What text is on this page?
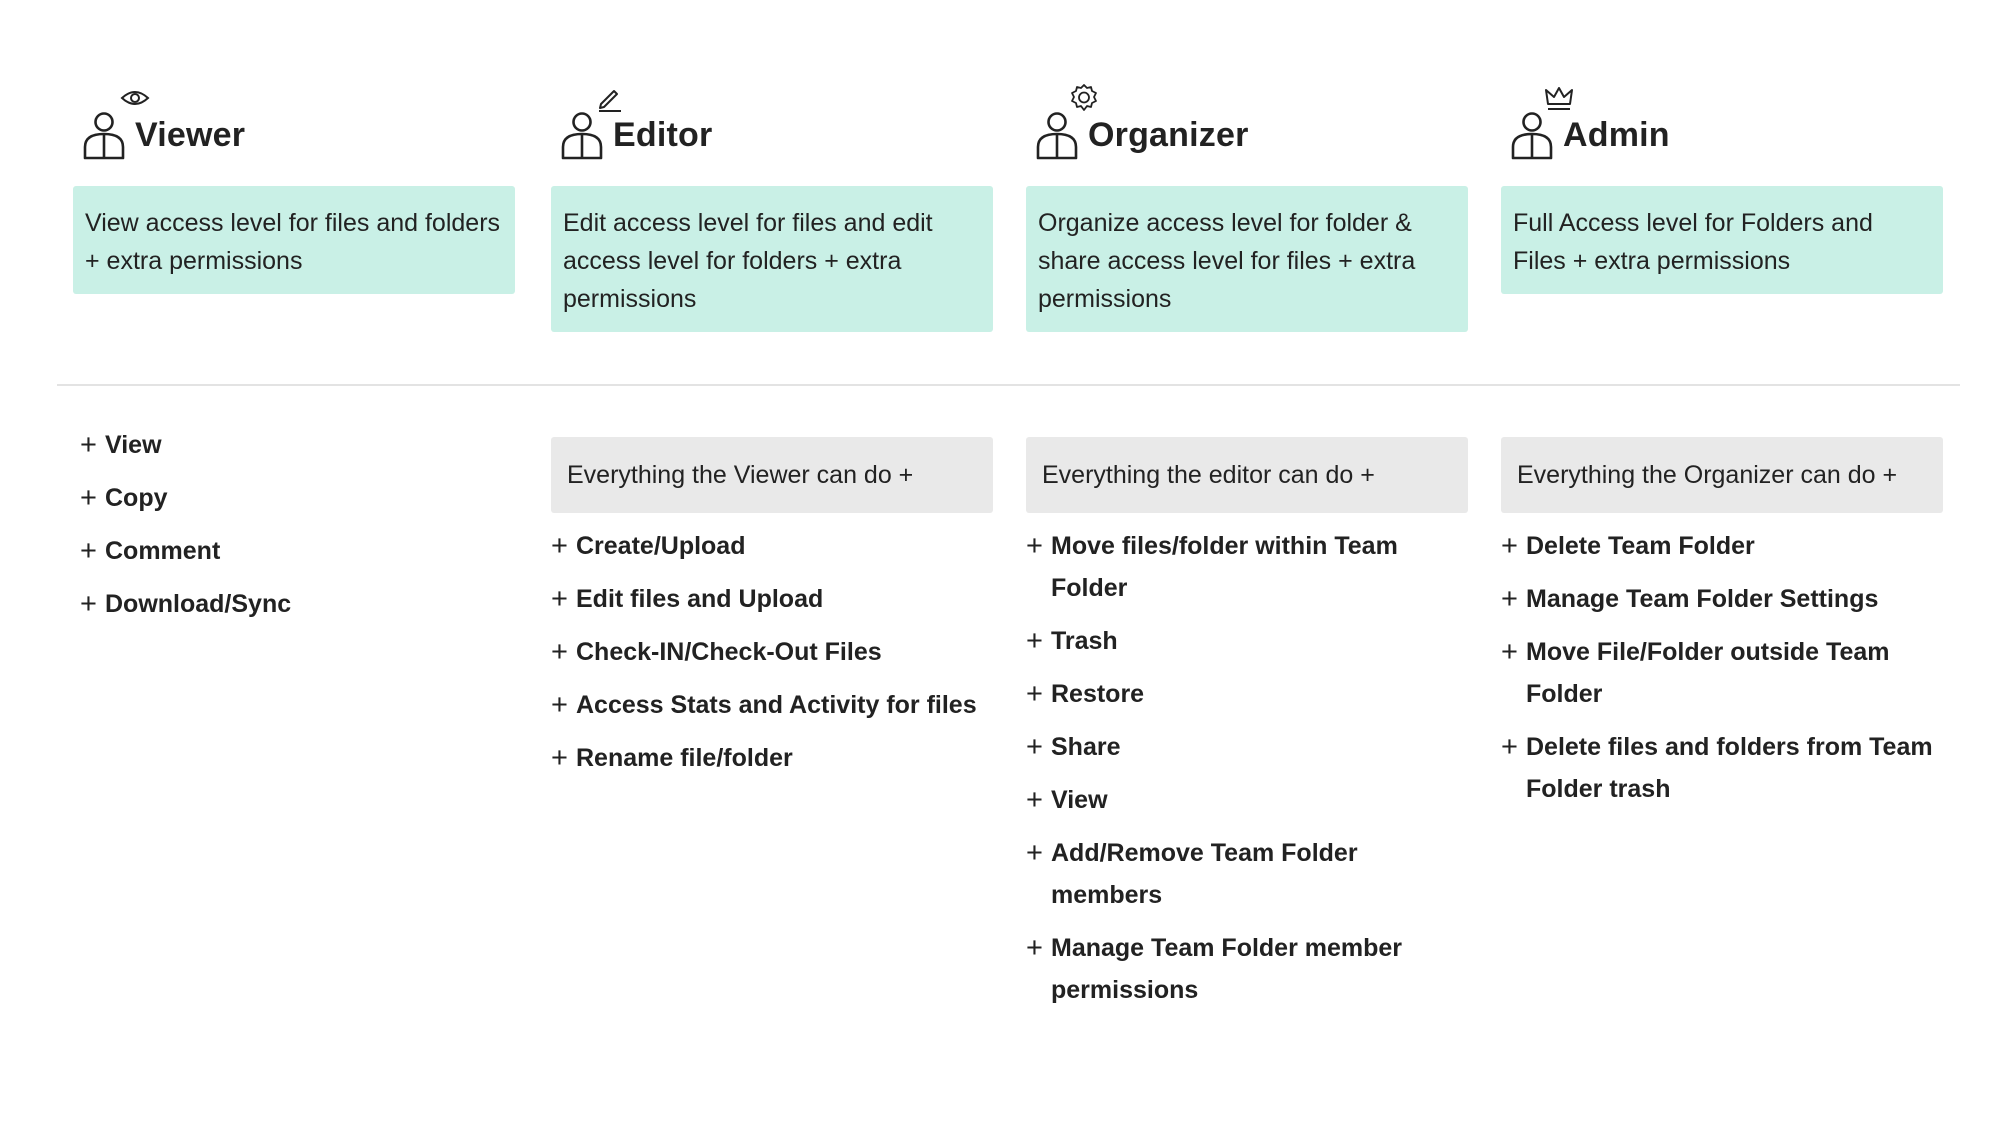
Viewer
View access level for files and folders + extra permissions
+ View
+ Copy
+ Comment
+ Download/Sync
Editor
Edit access level for files and edit access level for folders + extra permissions
Everything the Viewer can do +
+ Create/Upload
+ Edit files and Upload
+ Check-IN/Check-Out Files
+ Access Stats and Activity for files
+ Rename file/folder
Organizer
Organize access level for folder & share access level for files + extra permissions
Everything the editor can do +
+ Move files/folder within Team Folder
+ Trash
+ Restore
+ Share
+ View
+ Add/Remove Team Folder members
+ Manage Team Folder member permissions
Admin
Full Access level for Folders and Files + extra permissions
Everything the Organizer can do +
+ Delete Team Folder
+ Manage Team Folder Settings
+ Move File/Folder outside Team Folder
+ Delete files and folders from Team Folder trash
